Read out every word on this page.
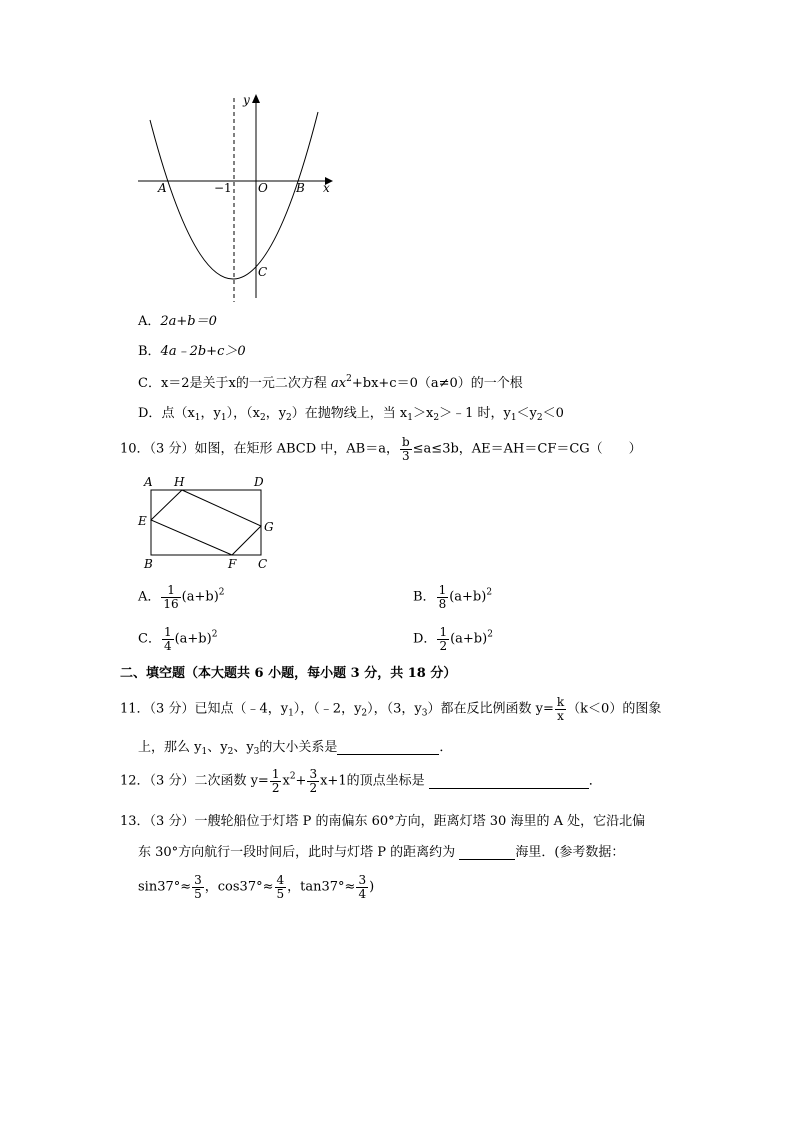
y
x
A	−1 O B
C
A．2a+b＝0
B．4a﹣2b+c＞0
C．x＝2是关于x的一元二次方程 $ax^2+bx+c=0(a\ne 0)$的一个根
D．点（$x_1$，$y_1$），（$x_2$，$y_2$）在抛物线上，当 $x_1>x_2>﹣1$ 时，$y_1<y_2<0$
10．（3 分）如图，在矩形 ABCD 中，AB＝a， $\frac{b}{3} \le a\le 3b$，AE＝AH＝CF＝CG（　　）
A H	D
E	G
B	F C
A． $\frac{1}{16} (a+b)^2$	B． $\frac{1}{8} (a+b)^2$
C． $\frac{1}{4} (a+b)^2$	D． $\frac{1}{2} (a+b)^2$
二、填空题（本大题共 6 小题，每小题 3 分，共 18 分）
11．（3 分）已知点（﹣4，$y_1$），（﹣2，$y_2$），（3，$y_3$）都在反比例函数 $y= \frac{k}{x} (k<0)$的图象
上，那么 $y_1$、$y_2$、$y_3$的大小关系是	．
12．（3 分）二次函数 $y= \frac{1}{2} x^2+ \frac{3}{2} x+1$的顶点坐标是	．
13．（3 分）一艘轮船位于灯塔 P 的南偏东 60°方向，距离灯塔 30 海里的 A 处，它沿北偏
东 30°方向航行一段时间后，此时与灯塔 P 的距离约为	海里．(参考数据：
$\sin 37^\circ\approx \frac{3}{5}$ ，$\cos 37^\circ\approx \frac{4}{5}$ ，$\tan 37^\circ\approx \frac{3}{4}$ )
